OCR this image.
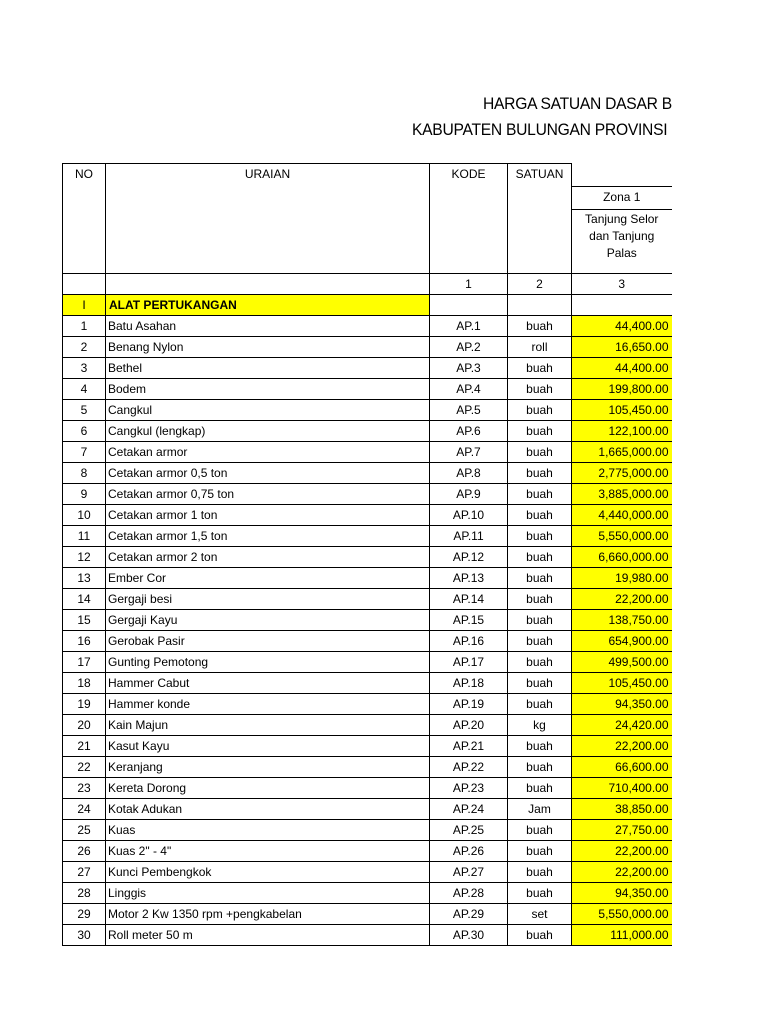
HARGA SATUAN DASAR B
KABUPATEN BULUNGAN PROVINSI
NO	URAIAN	KODE	SATUAN	
				Zona 1
				Tanjung Selor dan Tanjung Palas
		1	2	3
I	ALAT PERTUKANGAN			
1	Batu Asahan	AP.1	buah	44,400.00
2	Benang Nylon	AP.2	roll	16,650.00
3	Bethel	AP.3	buah	44,400.00
4	Bodem	AP.4	buah	199,800.00
5	Cangkul	AP.5	buah	105,450.00
6	Cangkul (lengkap)	AP.6	buah	122,100.00
7	Cetakan armor	AP.7	buah	1,665,000.00
8	Cetakan armor 0,5 ton	AP.8	buah	2,775,000.00
9	Cetakan armor 0,75 ton	AP.9	buah	3,885,000.00
10	Cetakan armor 1 ton	AP.10	buah	4,440,000.00
11	Cetakan armor 1,5 ton	AP.11	buah	5,550,000.00
12	Cetakan armor 2 ton	AP.12	buah	6,660,000.00
13	Ember Cor	AP.13	buah	19,980.00
14	Gergaji besi	AP.14	buah	22,200.00
15	Gergaji Kayu	AP.15	buah	138,750.00
16	Gerobak Pasir	AP.16	buah	654,900.00
17	Gunting Pemotong	AP.17	buah	499,500.00
18	Hammer Cabut	AP.18	buah	105,450.00
19	Hammer konde	AP.19	buah	94,350.00
20	Kain Majun	AP.20	kg	24,420.00
21	Kasut Kayu	AP.21	buah	22,200.00
22	Keranjang	AP.22	buah	66,600.00
23	Kereta Dorong	AP.23	buah	710,400.00
24	Kotak Adukan	AP.24	Jam	38,850.00
25	Kuas	AP.25	buah	27,750.00
26	Kuas 2" - 4"	AP.26	buah	22,200.00
27	Kunci Pembengkok	AP.27	buah	22,200.00
28	Linggis	AP.28	buah	94,350.00
29	Motor 2 Kw 1350 rpm +pengkabelan	AP.29	set	5,550,000.00
30	Roll meter 50 m	AP.30	buah	111,000.00
